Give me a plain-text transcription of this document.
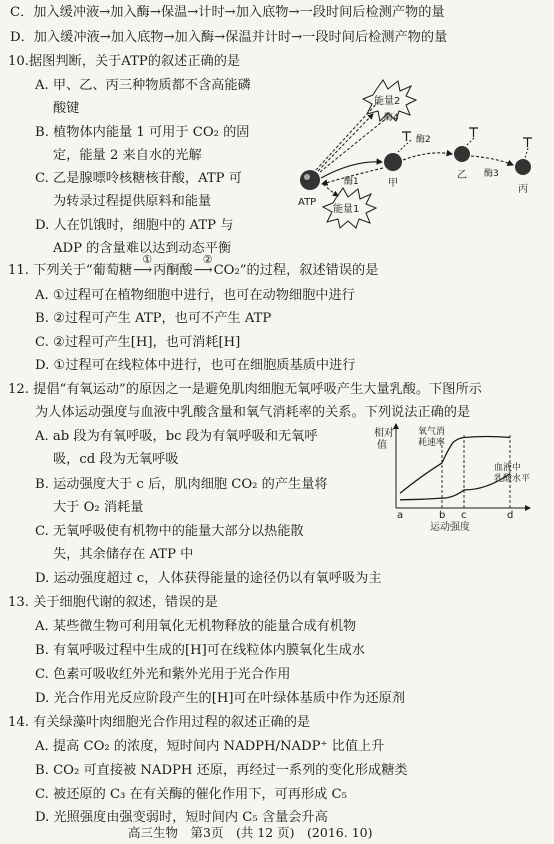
C．加入缓冲液→加入酶→保温→计时→加入底物→一段时间后检测产物的量
D．加入缓冲液→加入底物→加入酶→保温并计时→一段时间后检测产物的量
10.据图判断，关于ATP的叙述正确的是
A. 甲、乙、丙三种物质都不含高能磷
酸键
B. 植物体内能量 1 可用于 CO₂ 的固
定，能量 2 来自水的光解
C. 乙是腺嘌呤核糖核苷酸，ATP 可
为转录过程提供原料和能量
D. 人在饥饿时，细胞中的 ATP 与
ADP 的含量难以达到动态平衡
能量2
能量1
ATP
甲
乙
丙
酶4
酶2
酶1
酶3
11. 下列关于“葡萄糖
①
⟶丙酮酸
②
⟶CO₂”的过程，叙述错误的是
A. ①过程可在植物细胞中进行，也可在动物细胞中进行
B. ②过程可产生 ATP，也可不产生 ATP
C. ②过程可产生[H]，也可消耗[H]
D. ①过程可在线粒体中进行，也可在细胞质基质中进行
12. 提倡“有氧运动”的原因之一是避免肌肉细胞无氧呼吸产生大量乳酸。下图所示
为人体运动强度与血液中乳酸含量和氧气消耗率的关系。下列说法正确的是
A. ab 段为有氧呼吸，bc 段为有氧呼吸和无氧呼
吸，cd 段为无氧呼吸
B. 运动强度大于 c 后，肌肉细胞 CO₂ 的产生量将
大于 O₂ 消耗量
C. 无氧呼吸使有机物中的能量大部分以热能散
失，其余储存在 ATP 中
D. 运动强度超过 c，人体获得能量的途径仍以有氧呼吸为主
相对
值
a	b c	d
氧气消
耗速率
血液中
乳酸水平
运动强度
13. 关于细胞代谢的叙述，错误的是
A. 某些微生物可利用氧化无机物释放的能量合成有机物
B. 有氧呼吸过程中生成的[H]可在线粒体内膜氧化生成水
C. 色素可吸收红外光和紫外光用于光合作用
D. 光合作用光反应阶段产生的[H]可在叶绿体基质中作为还原剂
14. 有关绿藻叶肉细胞光合作用过程的叙述正确的是
A. 提高 CO₂ 的浓度，短时间内 NADPH/NADP⁺ 比值上升
B. CO₂ 可直接被 NADPH 还原，再经过一系列的变化形成糖类
C. 被还原的 C₃ 在有关酶的催化作用下，可再形成 C₅
D. 光照强度由强变弱时，短时间内 C₅ 含量会升高
高三生物　第3页　(共 12 页)　(2016. 10)
